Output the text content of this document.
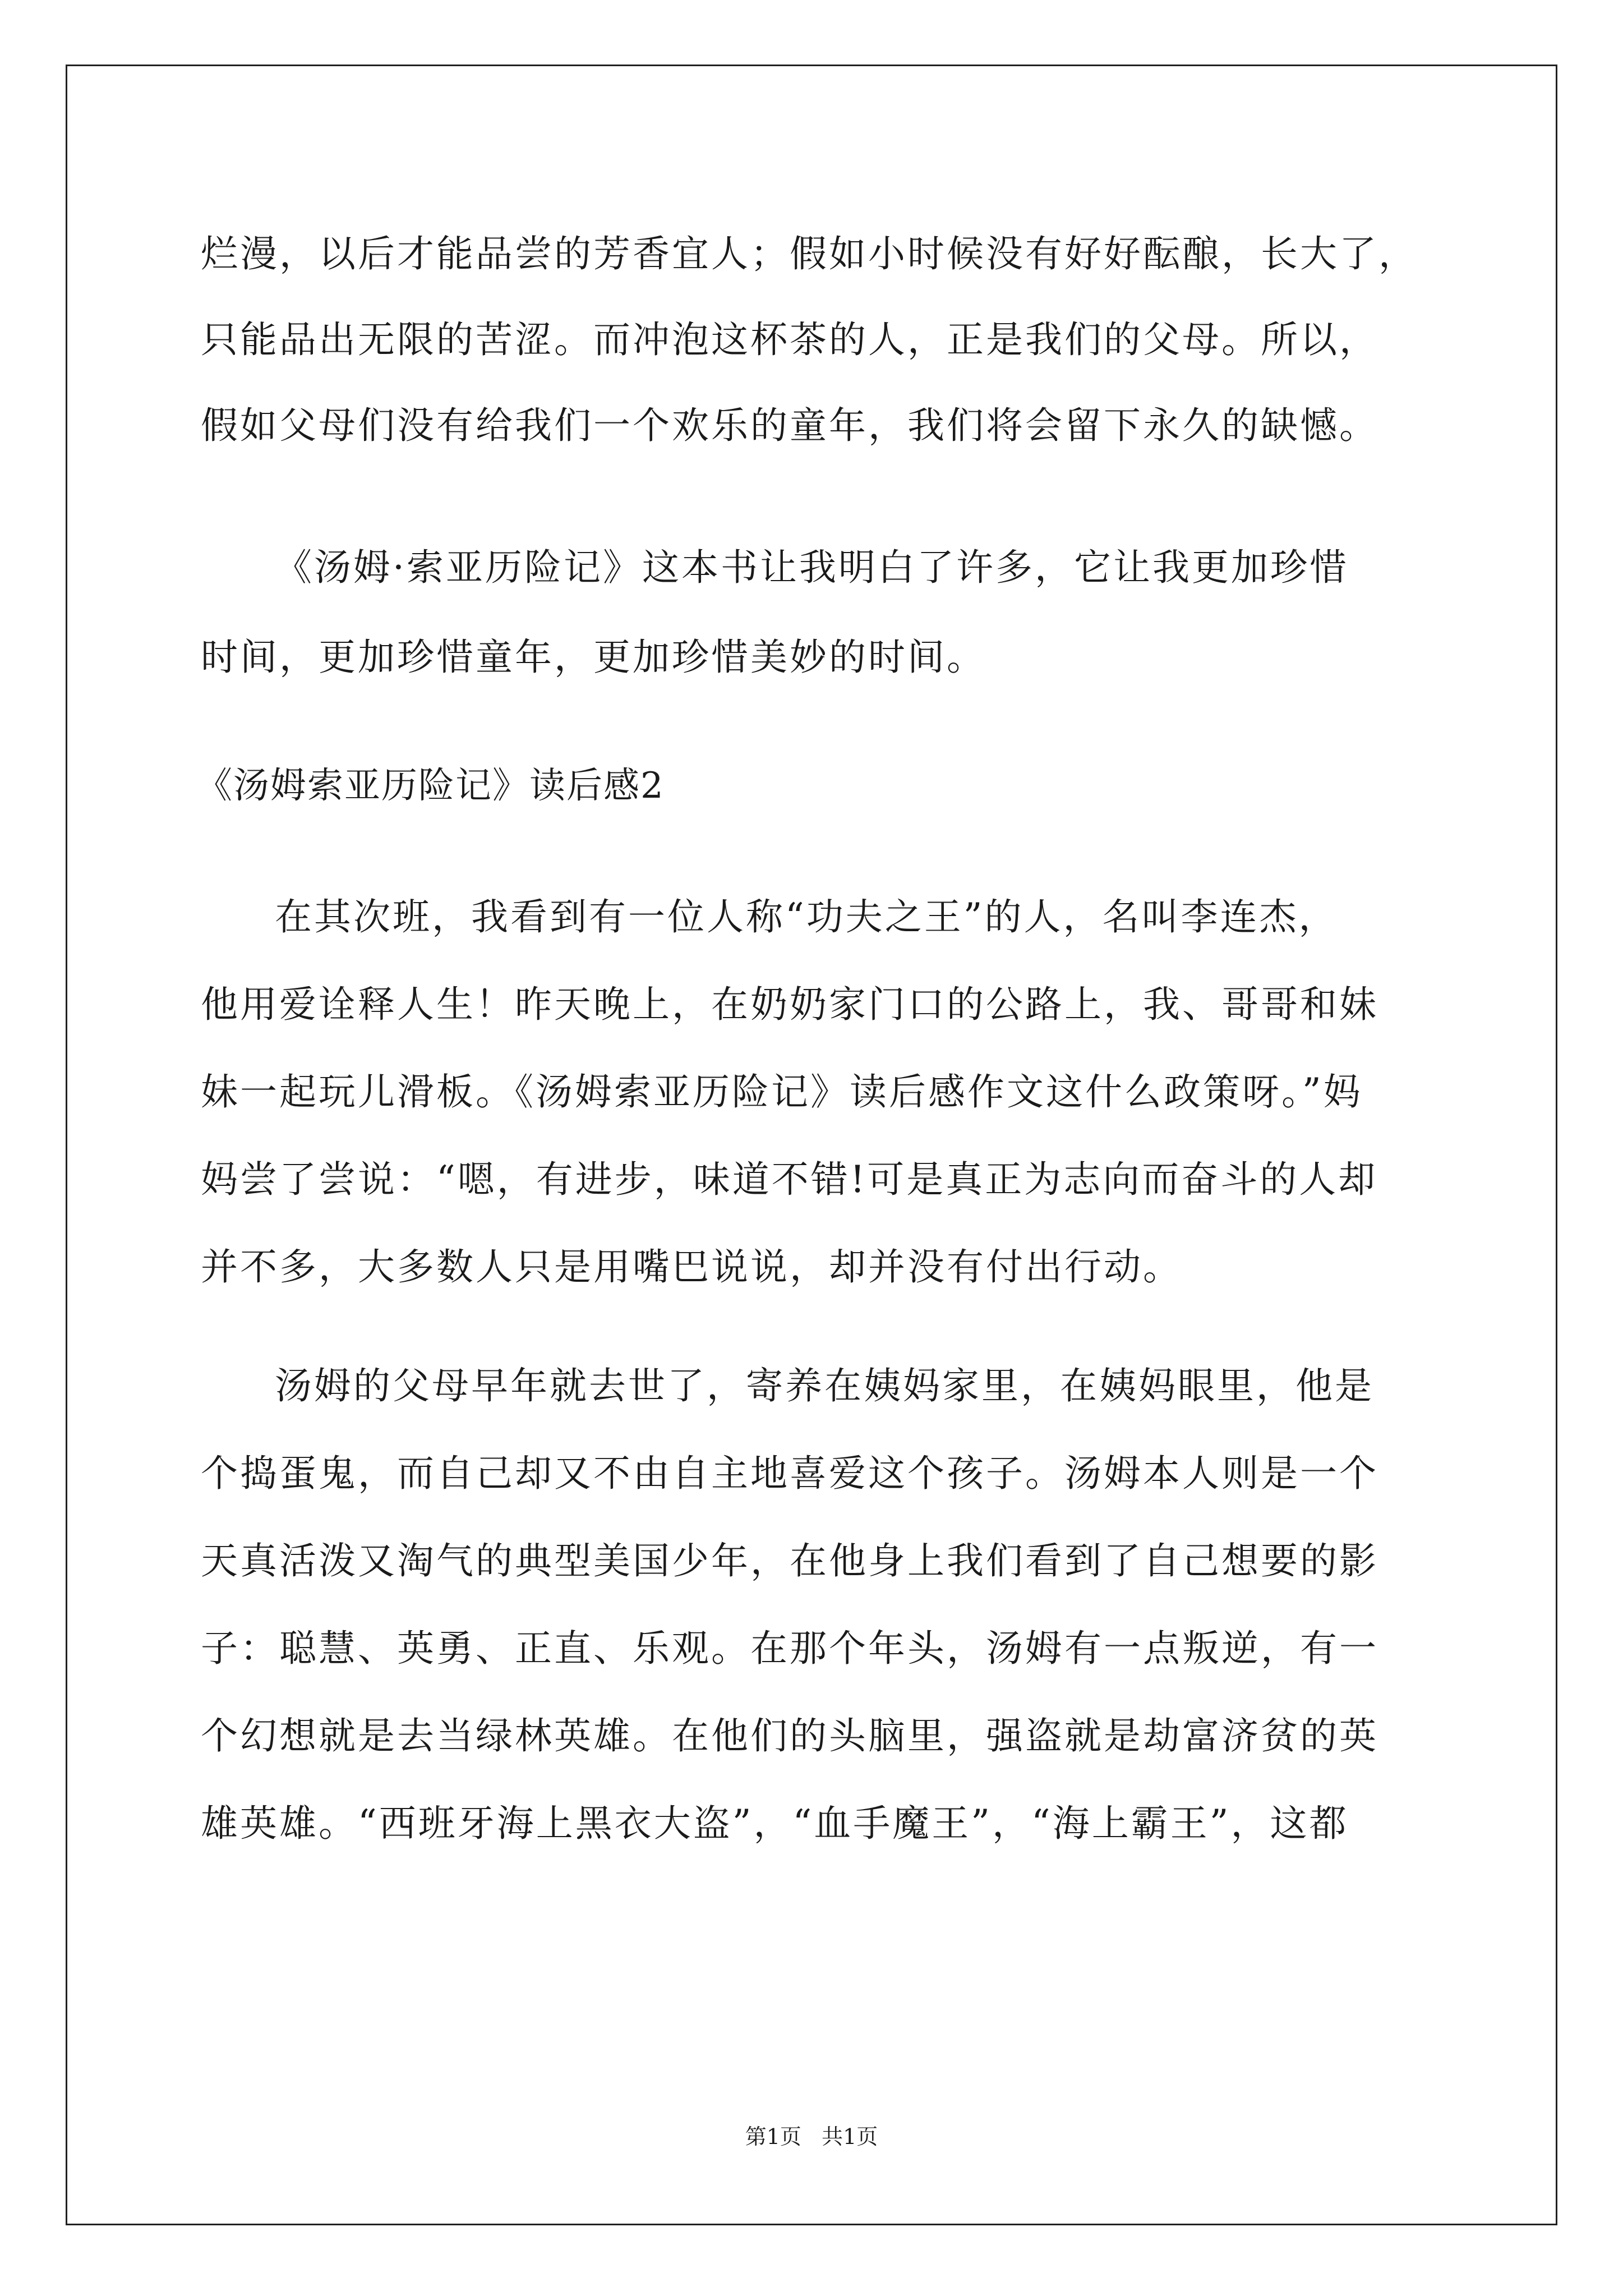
烂漫，以后才能品尝的芳香宜人；假如小时候没有好好酝酿，长大了，
只能品出无限的苦涩。而冲泡这杯茶的人，正是我们的父母。所以，
假如父母们没有给我们一个欢乐的童年，我们将会留下永久的缺憾。
《汤姆·索亚历险记》这本书让我明白了许多，它让我更加珍惜
时间，更加珍惜童年，更加珍惜美妙的时间。
《汤姆索亚历险记》读后感2
在其次班，我看到有一位人称“功夫之王”的人，名叫李连杰，
他用爱诠释人生！昨天晚上，在奶奶家门口的公路上，我、哥哥和妹
妹一起玩儿滑板。《汤姆索亚历险记》读后感作文这什么政策呀。”妈
妈尝了尝说：“嗯，有进步，味道不错!可是真正为志向而奋斗的人却
并不多，大多数人只是用嘴巴说说，却并没有付出行动。
汤姆的父母早年就去世了，寄养在姨妈家里，在姨妈眼里，他是
个捣蛋鬼，而自己却又不由自主地喜爱这个孩子。汤姆本人则是一个
天真活泼又淘气的典型美国少年，在他身上我们看到了自己想要的影
子：聪慧、英勇、正直、乐观。在那个年头，汤姆有一点叛逆，有一
个幻想就是去当绿林英雄。在他们的头脑里，强盗就是劫富济贫的英
雄英雄。“西班牙海上黑衣大盗”，“血手魔王”，“海上霸王”，这都
第1页   共1页
